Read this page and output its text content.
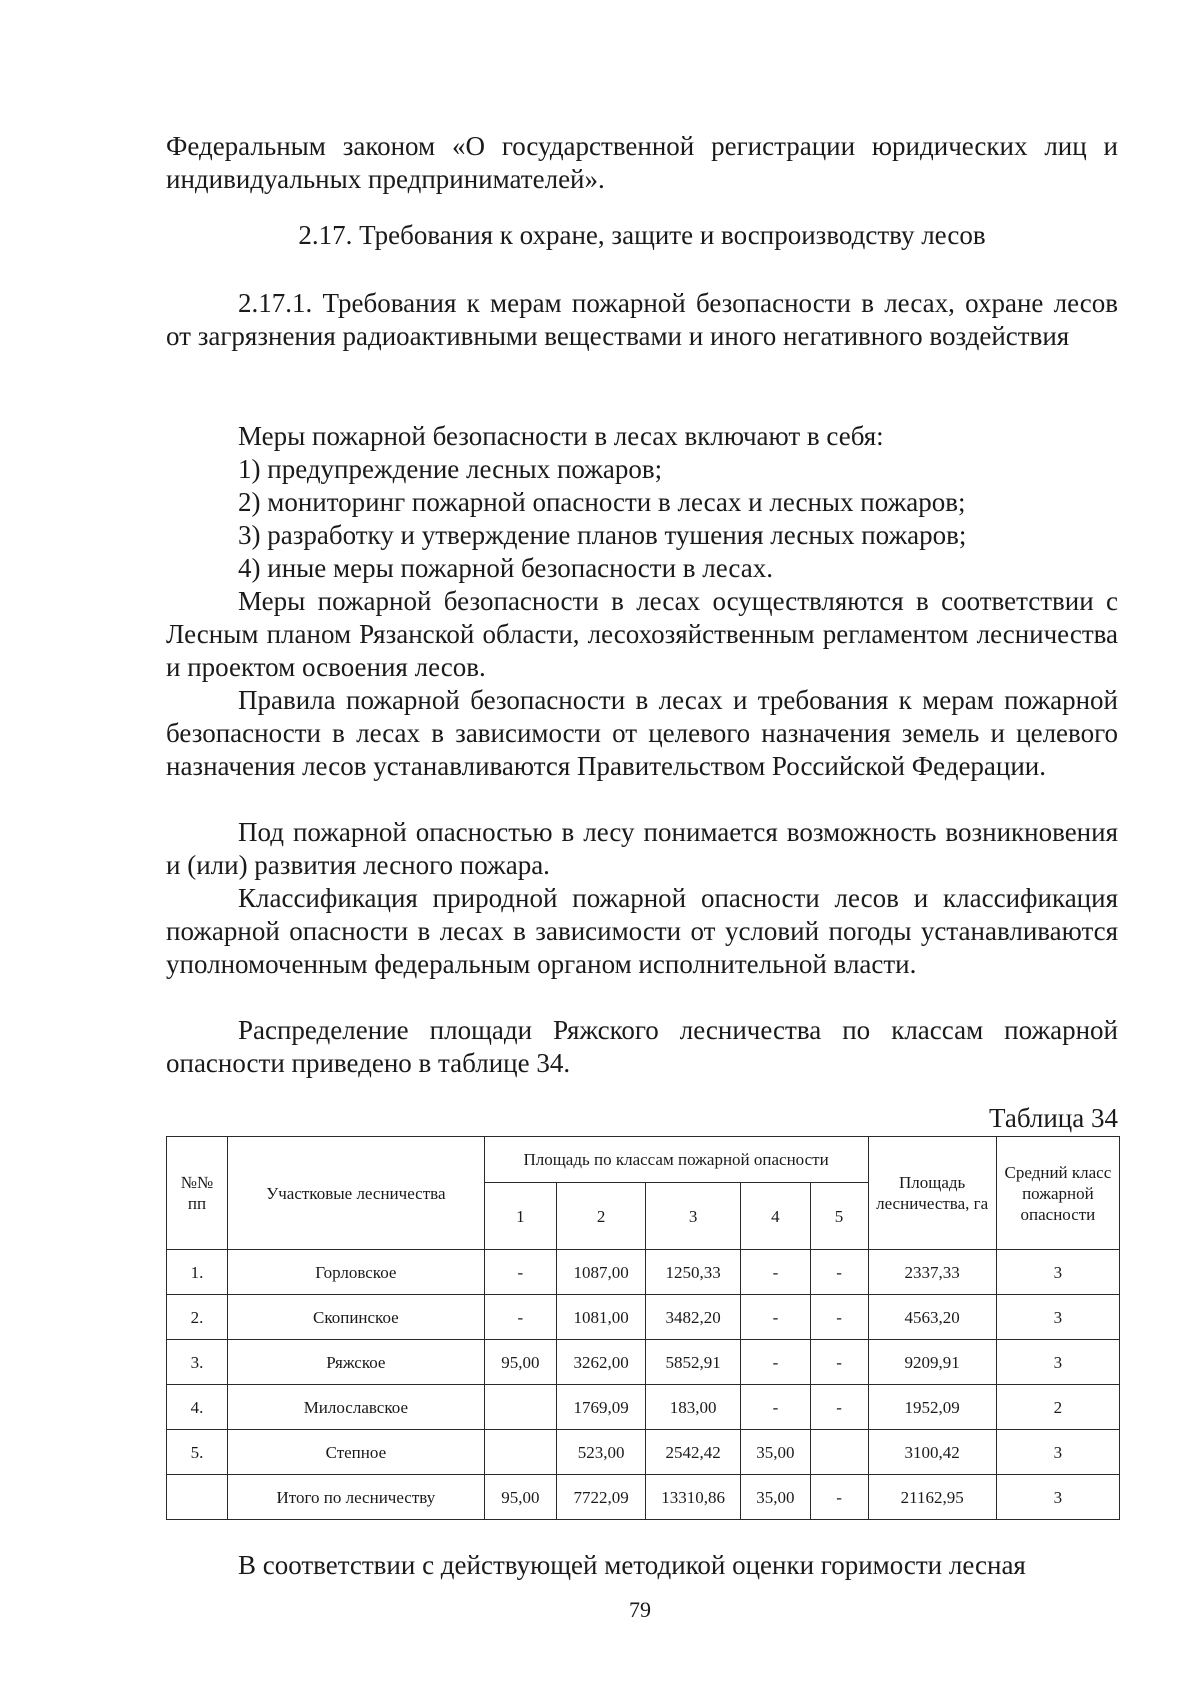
Федеральным законом «О государственной регистрации юридических лиц и индивидуальных предпринимателей».

2.17. Требования к охране, защите и воспроизводству лесов

2.17.1. Требования к мерам пожарной безопасности в лесах, охране лесов от загрязнения радиоактивными веществами и иного негативного воздействия

Меры пожарной безопасности в лесах включают в себя:

1) предупреждение лесных пожаров;

2) мониторинг пожарной опасности в лесах и лесных пожаров;

3) разработку и утверждение планов тушения лесных пожаров;

4) иные меры пожарной безопасности в лесах.

Меры пожарной безопасности в лесах осуществляются в соответствии с Лесным планом Рязанской области, лесохозяйственным регламентом лесничества и проектом освоения лесов.

Правила пожарной безопасности в лесах и требования к мерам пожарной безопасности в лесах в зависимости от целевого назначения земель и целевого назначения лесов устанавливаются Правительством Российской Федерации.

Под пожарной опасностью в лесу понимается возможность возникновения и (или) развития лесного пожара.

Классификация природной пожарной опасности лесов и классификация пожарной опасности в лесах в зависимости от условий погоды устанавливаются уполномоченным федеральным органом исполнительной власти.

Распределение площади Ряжского лесничества по классам пожарной опасности приведено в таблице 34.

Таблица 34

№№ пп	Участковые лесничества	Площадь по классам пожарной опасности					Площадь лесничества, га	Средний класс пожарной опасности
		1	2	3	4	5		
1.	Горловское	-	1087,00	1250,33	-	-	2337,33	3
2.	Скопинское	-	1081,00	3482,20	-	-	4563,20	3
3.	Ряжское	95,00	3262,00	5852,91	-	-	9209,91	3
4.	Милославское		1769,09	183,00	-	-	1952,09	2
5.	Степное		523,00	2542,42	35,00		3100,42	3
	Итого по лесничеству	95,00	7722,09	13310,86	35,00	-	21162,95	3

В соответствии с действующей методикой оценки горимости лесная

79
